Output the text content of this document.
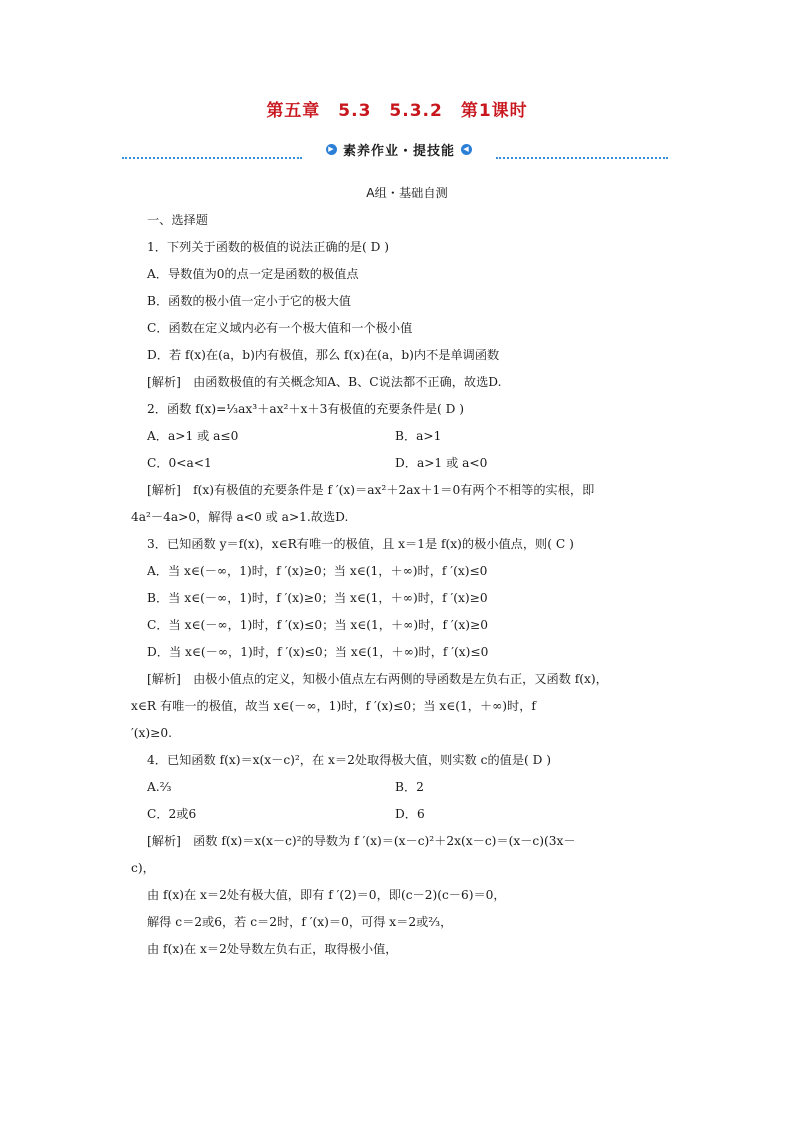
第五章　5.3　5.3.2　第1课时
▶ 素养作业・提技能	◀

A组・基础自测

一、选择题

1．下列关于函数的极值的说法正确的是( D )

A．导数值为0的点一定是函数的极值点

B．函数的极小值一定小于它的极大值

C．函数在定义域内必有一个极大值和一个极小值

D．若 f(x)在(a，b)内有极值，那么 f(x)在(a，b)内不是单调函数

[解析]　由函数极值的有关概念知A、B、C说法都不正确，故选D.

2．函数 f(x)=⅓ax³＋ax²＋x＋3有极值的充要条件是( D )

A．a>1 或 a≤0	B．a>1

C．0<a<1	D．a>1 或 a<0

[解析]　f(x)有极值的充要条件是 f ′(x)＝ax²＋2ax＋1＝0有两个不相等的实根，即

4a²－4a>0，解得 a<0 或 a>1.故选D.

3．已知函数 y＝f(x)，x∈R有唯一的极值，且 x＝1是 f(x)的极小值点，则( C )

A．当 x∈(－∞，1)时，f ′(x)≥0；当 x∈(1，＋∞)时，f ′(x)≤0

B．当 x∈(－∞，1)时，f ′(x)≥0；当 x∈(1，＋∞)时，f ′(x)≥0

C．当 x∈(－∞，1)时，f ′(x)≤0；当 x∈(1，＋∞)时，f ′(x)≥0

D．当 x∈(－∞，1)时，f ′(x)≤0；当 x∈(1，＋∞)时，f ′(x)≤0

[解析]　由极小值点的定义，知极小值点左右两侧的导函数是左负右正，又函数 f(x)，

x∈R 有唯一的极值，故当 x∈(－∞，1)时，f ′(x)≤0；当 x∈(1，＋∞)时，f

′(x)≥0.

4．已知函数 f(x)＝x(x－c)²，在 x＝2处取得极大值，则实数 c的值是( D )

A.⅔	B．2

C．2或6	D．6

[解析]　函数 f(x)＝x(x－c)²的导数为 f ′(x)＝(x－c)²＋2x(x－c)＝(x－c)(3x－

c)，

由 f(x)在 x＝2处有极大值，即有 f ′(2)＝0，即(c－2)(c－6)＝0，

解得 c＝2或6，若 c＝2时，f ′(x)＝0，可得 x＝2或⅔，

由 f(x)在 x＝2处导数左负右正，取得极小值，
